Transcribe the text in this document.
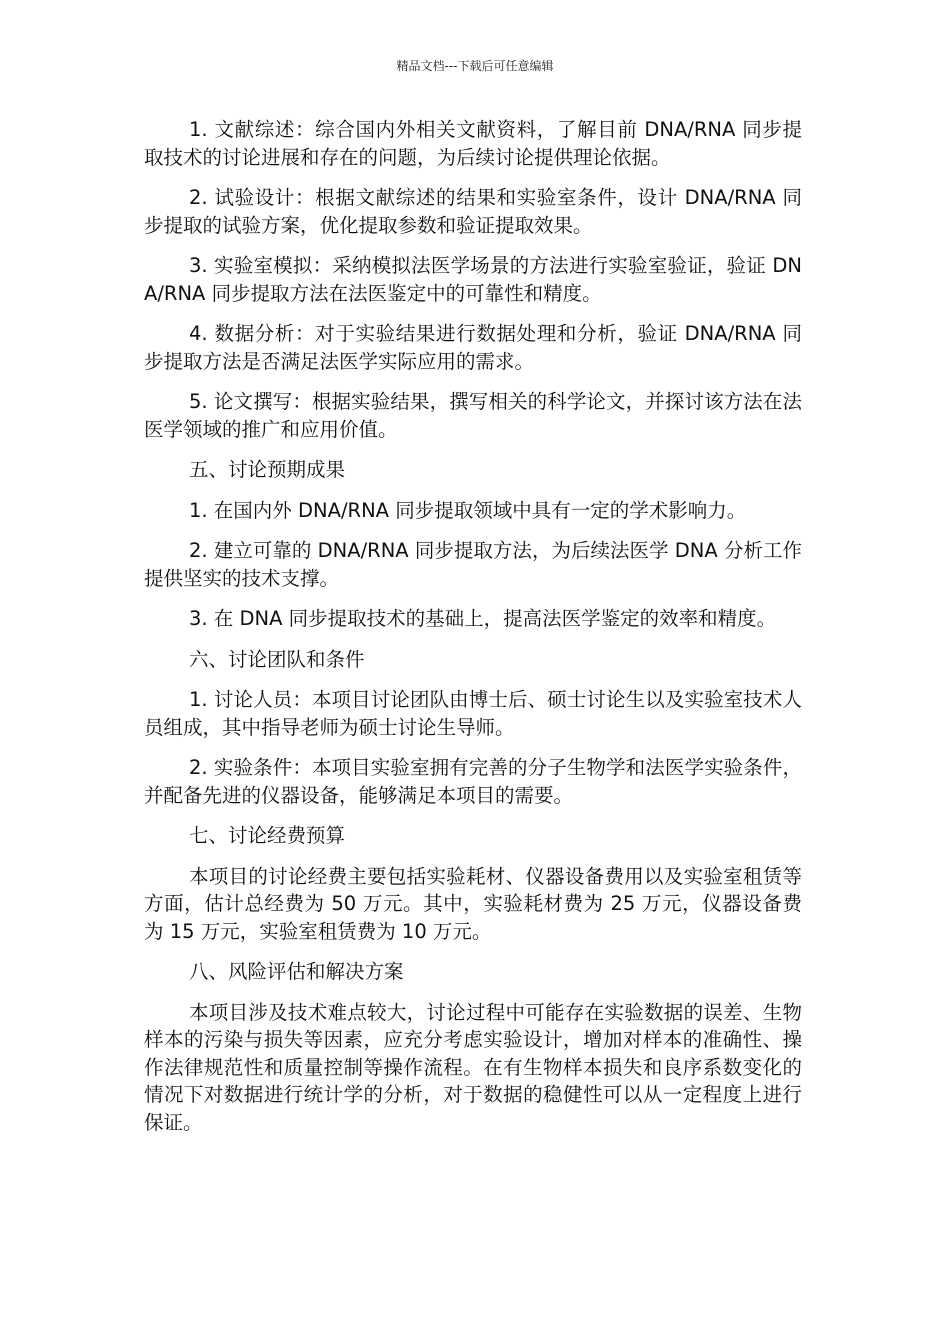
精品文档---下载后可任意编辑

1. 文献综述：综合国内外相关文献资料，了解目前 DNA/RNA 同步提取技术的讨论进展和存在的问题，为后续讨论提供理论依据。

2. 试验设计：根据文献综述的结果和实验室条件，设计 DNA/RNA 同步提取的试验方案，优化提取参数和验证提取效果。

3. 实验室模拟：采纳模拟法医学场景的方法进行实验室验证，验证 DNA/RNA 同步提取方法在法医鉴定中的可靠性和精度。

4. 数据分析：对于实验结果进行数据处理和分析，验证 DNA/RNA 同步提取方法是否满足法医学实际应用的需求。

5. 论文撰写：根据实验结果，撰写相关的科学论文，并探讨该方法在法医学领域的推广和应用价值。

五、讨论预期成果

1. 在国内外 DNA/RNA 同步提取领域中具有一定的学术影响力。

2. 建立可靠的 DNA/RNA 同步提取方法，为后续法医学 DNA 分析工作提供坚实的技术支撑。

3. 在 DNA 同步提取技术的基础上，提高法医学鉴定的效率和精度。

六、讨论团队和条件

1. 讨论人员：本项目讨论团队由博士后、硕士讨论生以及实验室技术人员组成，其中指导老师为硕士讨论生导师。

2. 实验条件：本项目实验室拥有完善的分子生物学和法医学实验条件，并配备先进的仪器设备，能够满足本项目的需要。

七、讨论经费预算

本项目的讨论经费主要包括实验耗材、仪器设备费用以及实验室租赁等方面，估计总经费为 50 万元。其中，实验耗材费为 25 万元，仪器设备费为 15 万元，实验室租赁费为 10 万元。

八、风险评估和解决方案

本项目涉及技术难点较大，讨论过程中可能存在实验数据的误差、生物样本的污染与损失等因素，应充分考虑实验设计，增加对样本的准确性、操作法律规范性和质量控制等操作流程。在有生物样本损失和良序系数变化的情况下对数据进行统计学的分析，对于数据的稳健性可以从一定程度上进行保证。
